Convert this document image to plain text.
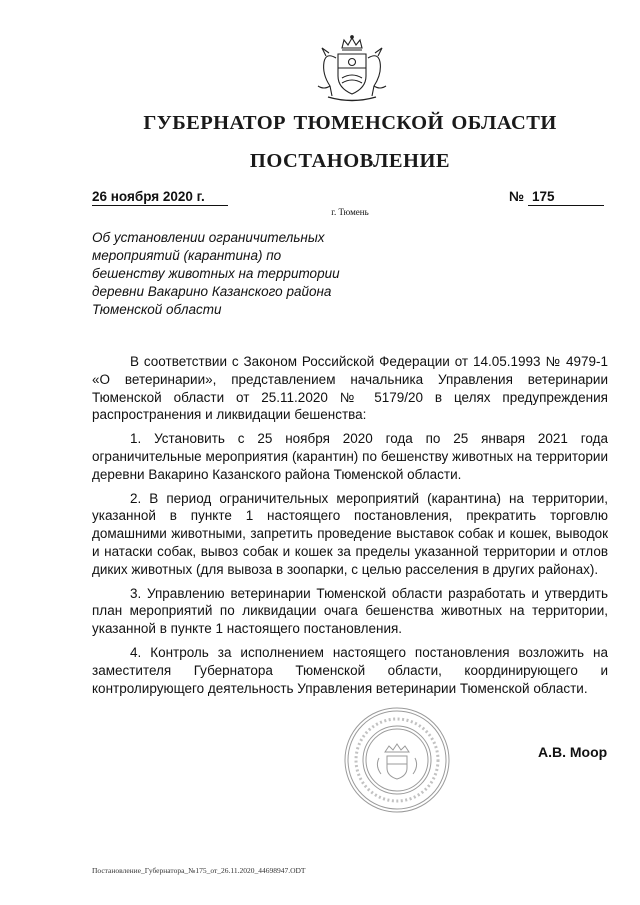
ГУБЕРНАТОР ТЮМЕНСКОЙ ОБЛАСТИ
ПОСТАНОВЛЕНИЕ
26 ноября 2020 г.	№ 175
г. Тюмень
Об установлении ограничительных
мероприятий (карантина) по
бешенству животных на территории
деревни Вакарино Казанского района
Тюменской области

В соответствии с Законом Российской Федерации от 14.05.1993 № 4979-1 «О ветеринарии», представлением начальника Управления ветеринарии Тюменской области от 25.11.2020 № 5179/20 в целях предупреждения распространения и ликвидации бешенства:

1. Установить с 25 ноября 2020 года по 25 января 2021 года ограничительные мероприятия (карантин) по бешенству животных на территории деревни Вакарино Казанского района Тюменской области.

2. В период ограничительных мероприятий (карантина) на территории, указанной в пункте 1 настоящего постановления, прекратить торговлю домашними животными, запретить проведение выставок собак и кошек, выводок и натаски собак, вывоз собак и кошек за пределы указанной территории и отлов диких животных (для вывоза в зоопарки, с целью расселения в других районах).

3. Управлению ветеринарии Тюменской области разработать и утвердить план мероприятий по ликвидации очага бешенства животных на территории, указанной в пункте 1 настоящего постановления.

4. Контроль за исполнением настоящего постановления возложить на заместителя Губернатора Тюменской области, координирующего и контролирующего деятельность Управления ветеринарии Тюменской области.

А.В. Моор
Постановление_Губернатора_№175_от_26.11.2020_44698947.ODT
